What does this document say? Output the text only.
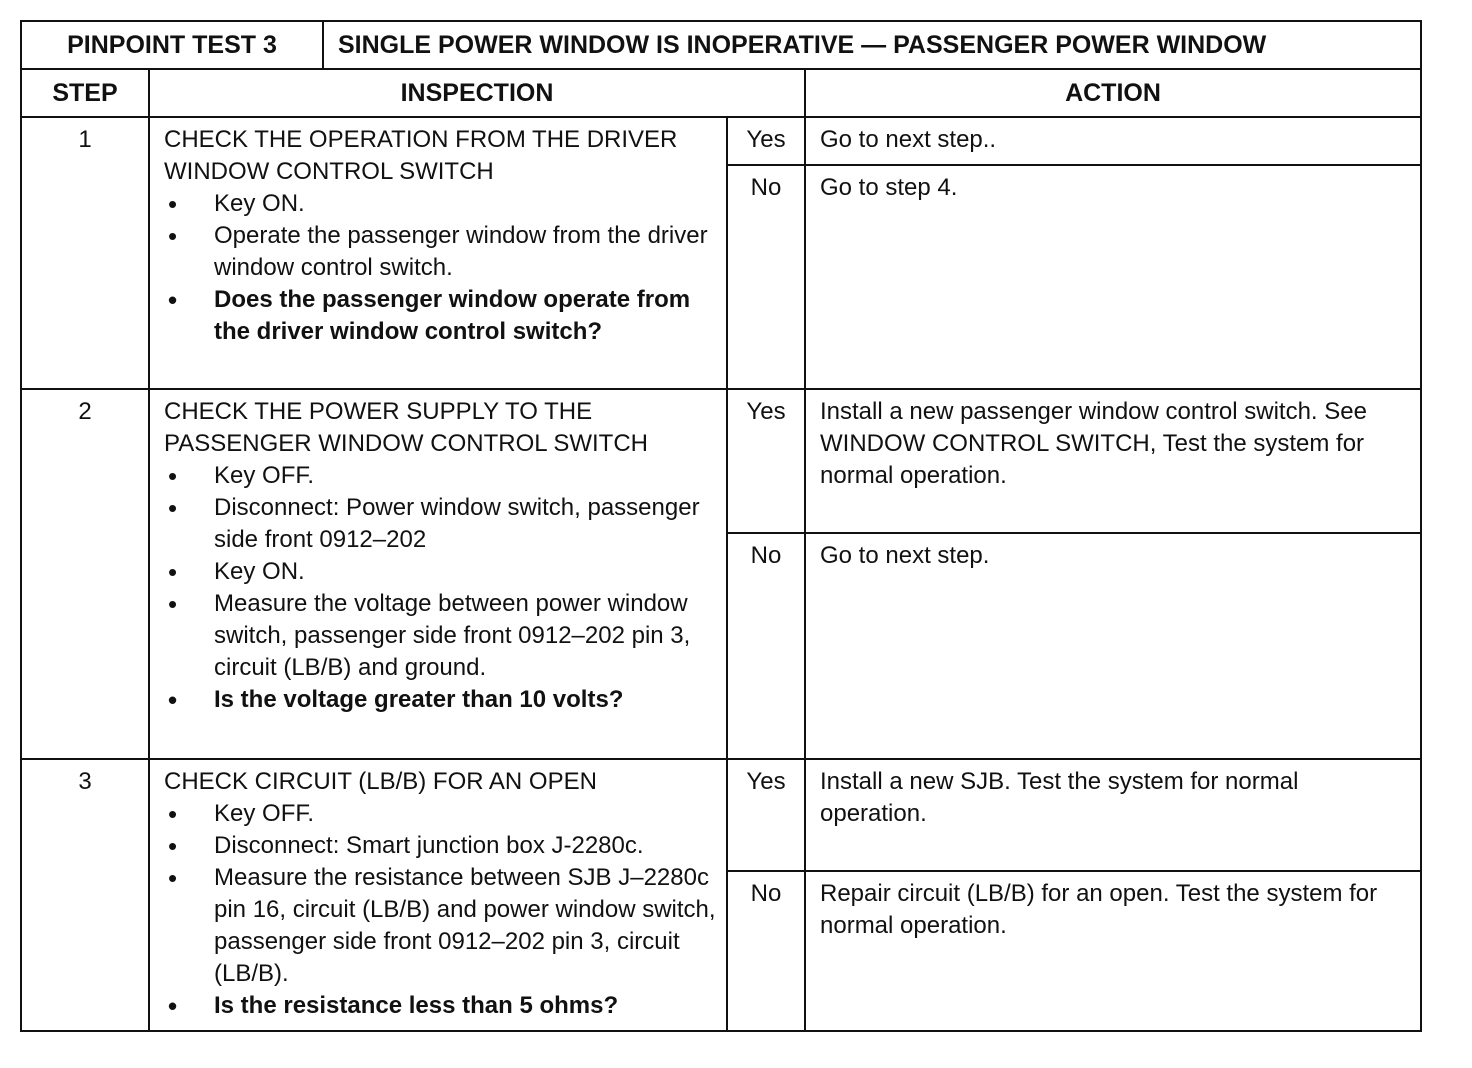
PINPOINT TEST 3	SINGLE POWER WINDOW IS INOPERATIVE — PASSENGER POWER WINDOW

STEP	INSPECTION	ACTION
1	CHECK THE OPERATION FROM THE DRIVER WINDOW CONTROL SWITCH
• Key ON.
• Operate the passenger window from the driver window control switch.
• Does the passenger window operate from the driver window control switch?
	Yes	Go to next step..
No	Go to step 4.
2	CHECK THE POWER SUPPLY TO THE PASSENGER WINDOW CONTROL SWITCH
• Key OFF.
• Disconnect: Power window switch, passenger side front 0912–202
• Key ON.
• Measure the voltage between power window switch, passenger side front 0912–202 pin 3, circuit (LB/B) and ground.
• Is the voltage greater than 10 volts?
	Yes	Install a new passenger window control switch. See WINDOW CONTROL SWITCH, Test the system for normal operation.
No	Go to next step.
3	CHECK CIRCUIT (LB/B) FOR AN OPEN
• Key OFF.
• Disconnect: Smart junction box J-2280c.
• Measure the resistance between SJB J–2280c pin 16, circuit (LB/B) and power window switch, passenger side front 0912–202 pin 3, circuit (LB/B).
• Is the resistance less than 5 ohms?
	Yes	Install a new SJB. Test the system for normal operation.
No	Repair circuit (LB/B) for an open. Test the system for normal operation.
